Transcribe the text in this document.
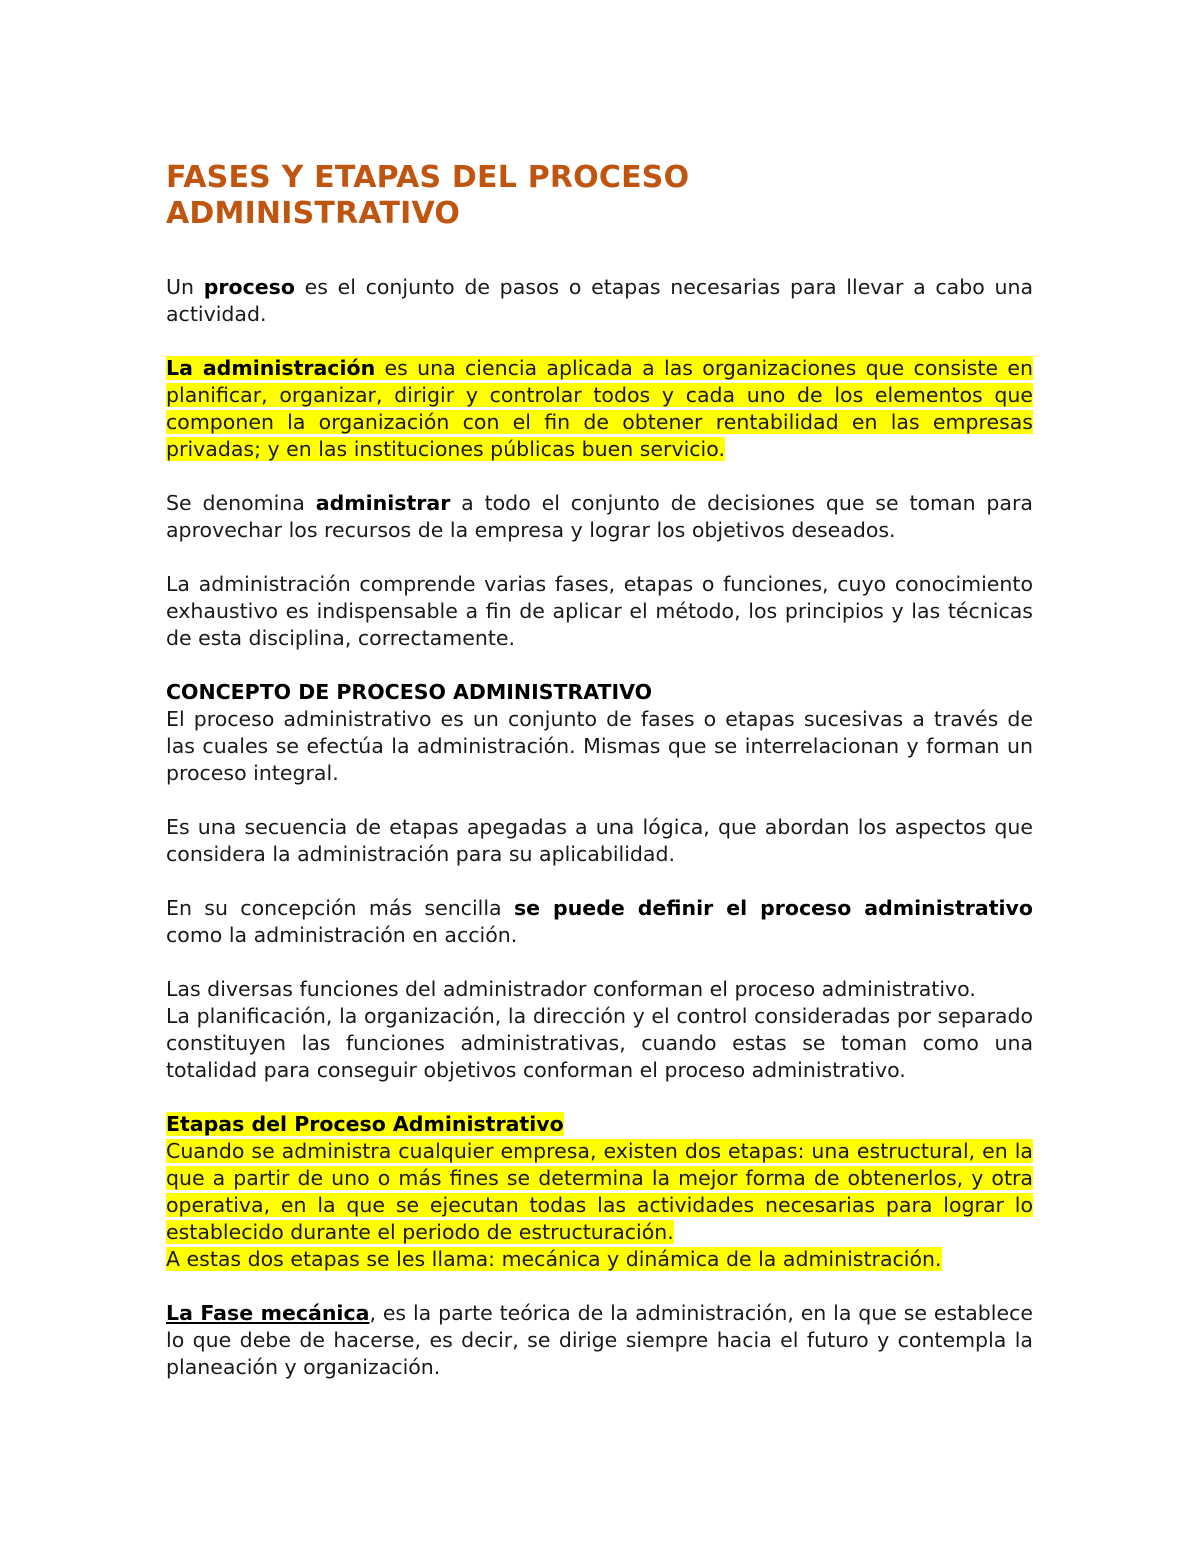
FASES Y ETAPAS DEL PROCESO
ADMINISTRATIVO

Un proceso es el conjunto de pasos o etapas necesarias para llevar a cabo una actividad.

La administración es una ciencia aplicada a las organizaciones que consiste en planificar, organizar, dirigir y controlar todos y cada uno de los elementos que componen la organización con el fin de obtener rentabilidad en las empresas privadas; y en las instituciones públicas buen servicio.

Se denomina administrar a todo el conjunto de decisiones que se toman para aprovechar los recursos de la empresa y lograr los objetivos deseados.

La administración comprende varias fases, etapas o funciones, cuyo conocimiento exhaustivo es indispensable a fin de aplicar el método, los principios y las técnicas de esta disciplina, correctamente.

CONCEPTO DE PROCESO ADMINISTRATIVO

El proceso administrativo es un conjunto de fases o etapas sucesivas a través de las cuales se efectúa la administración. Mismas que se interrelacionan y forman un proceso integral.

Es una secuencia de etapas apegadas a una lógica, que abordan los aspectos que considera la administración para su aplicabilidad.

En su concepción más sencilla se puede definir el proceso administrativo como la administración en acción.

Las diversas funciones del administrador conforman el proceso administrativo.

La planificación, la organización, la dirección y el control consideradas por separado constituyen las funciones administrativas, cuando estas se toman como una totalidad para conseguir objetivos conforman el proceso administrativo.

Etapas del Proceso Administrativo

Cuando se administra cualquier empresa, existen dos etapas: una estructural, en la que a partir de uno o más fines se determina la mejor forma de obtenerlos, y otra operativa, en la que se ejecutan todas las actividades necesarias para lograr lo establecido durante el periodo de estructuración.

A estas dos etapas se les llama: mecánica y dinámica de la administración.

La Fase mecánica, es la parte teórica de la administración, en la que se establece lo que debe de hacerse, es decir, se dirige siempre hacia el futuro y contempla la planeación y organización.
